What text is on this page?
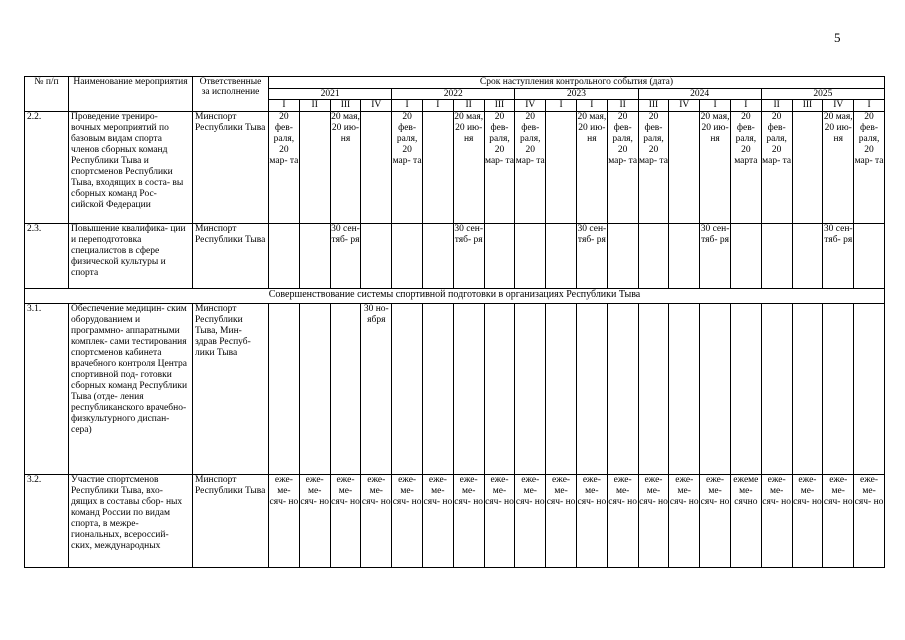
5
№ п/п	Наименование мероприятия	Ответственные за исполнение	Срок наступления контрольного события (дата)																			
			2021				2022				2023				2024				2025			
			I	II	III	IV	I	I	II	III	IV	I	I	II	III	IV	I	I	II	III	IV	I
2.2.	Проведение трениро- вочных мероприятий по базовым видам спорта членов сборных команд Республики Тыва и спортсменов Республики Тыва, входящих в соста- вы сборных команд Рос- сийской Федерации	Минспорт Республики Тыва	20 фев- раля, 20 мар- та		20 мая, 20 ию- ня		20 фев- раля, 20 мар- та		20 мая, 20 ию- ня	20 фев- раля, 20 мар- та	20 фев- раля, 20 мар- та		20 мая, 20 ию- ня	20 фев- раля, 20 мар- та	20 фев- раля, 20 мар- та		20 мая, 20 ию- ня	20 фев- раля, 20 марта	20 фев- раля, 20 мар- та		20 мая, 20 ию- ня	20 фев- раля, 20 мар- та
2.3.	Повышение квалифика- ции и переподготовка специалистов в сфере физической культуры и спорта	Минспорт Республики Тыва			30 сен- тяб- ря				30 сен- тяб- ря				30 сен- тяб- ря				30 сен- тяб- ря				30 сен- тяб- ря	
Совершенствование системы спортивной подготовки в организациях Республики Тыва																						
3.1.	Обеспечение медицин- ским оборудованием и программно- аппаратными комплек- сами тестирования спортсменов кабинета врачебного контроля Центра спортивной под- готовки сборных команд Республики Тыва (отде- ления республиканского врачебно- физкультурного диспан- сера)	Минспорт Республики Тыва, Мин- здрав Респуб- лики Тыва				30 но- ября																
3.2.	Участие спортсменов Республики Тыва, вхо- дящих в составы сбор- ных команд России по видам спорта, в межре- гиональных, всероссий- ских, международных	Минспорт Республики Тыва	еже- ме- сяч- но	еже- ме- сяч- но	еже- ме- сяч- но	еже- ме- сяч- но	еже- ме- сяч- но	еже- ме- сяч- но	еже- ме- сяч- но	еже- ме- сяч- но	еже- ме- сяч- но	еже- ме- сяч- но	еже- ме- сяч- но	еже- ме- сяч- но	еже- ме- сяч- но	еже- ме- сяч- но	еже- ме- сяч- но	ежеме ме- сячно	еже- ме- сяч- но	еже- ме- сяч- но	еже- ме- сяч- но	еже- ме- сяч- но
